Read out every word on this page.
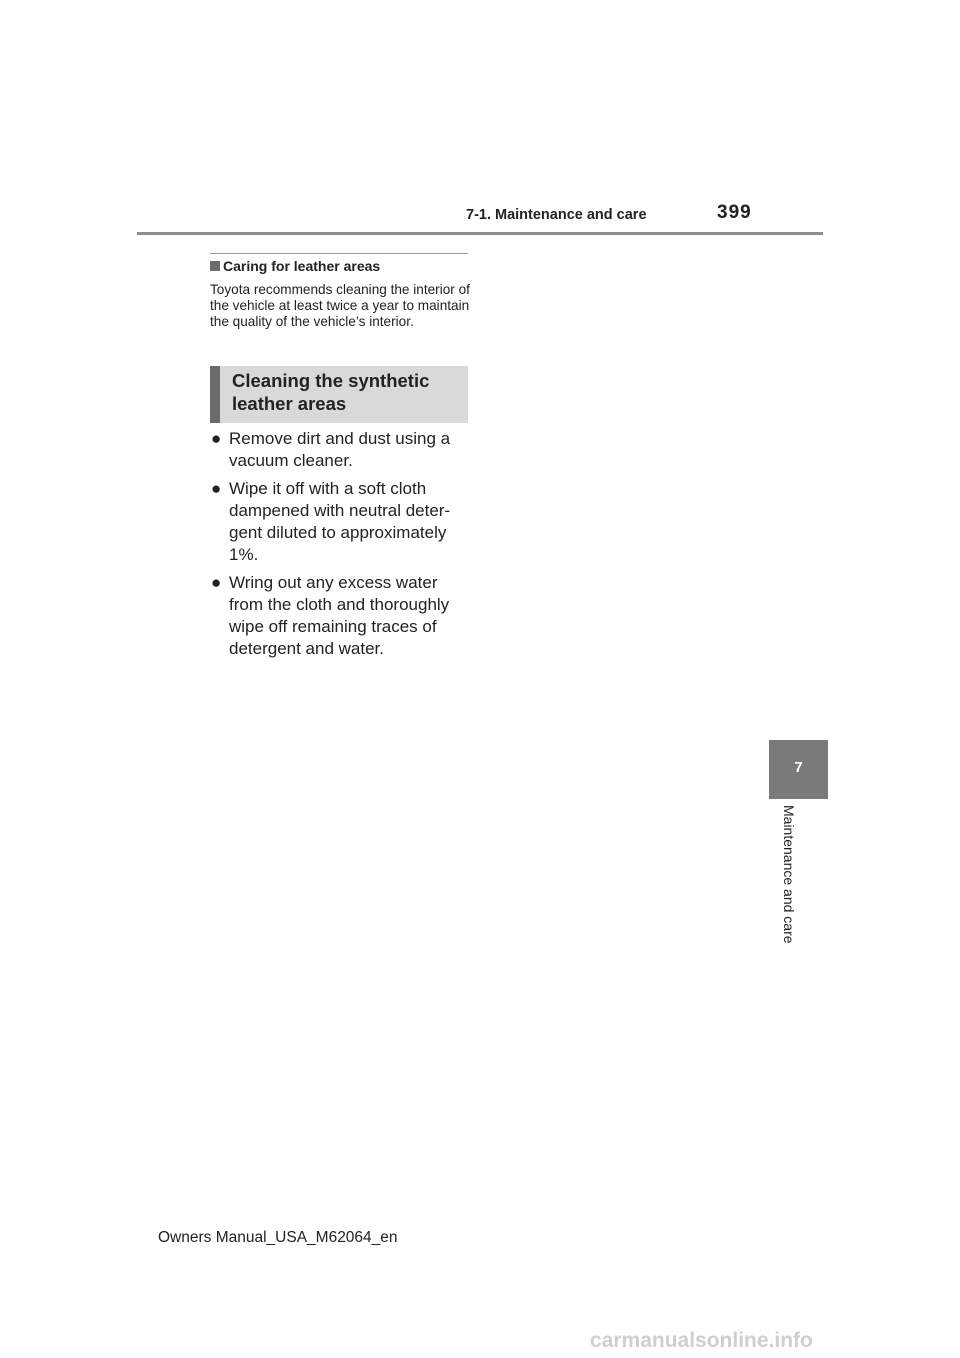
7-1. Maintenance and care	399
Caring for leather areas
Toyota recommends cleaning the interior of the vehicle at least twice a year to maintain the quality of the vehicle’s interior.
Cleaning the synthetic leather areas
● Remove dirt and dust using a vacuum cleaner.
● Wipe it off with a soft cloth dampened with neutral deter-gent diluted to approximately 1%.
● Wring out any excess water from the cloth and thoroughly wipe off remaining traces of detergent and water.
7
Maintenance and care
Owners Manual_USA_M62064_en
carmanualsonline.info
